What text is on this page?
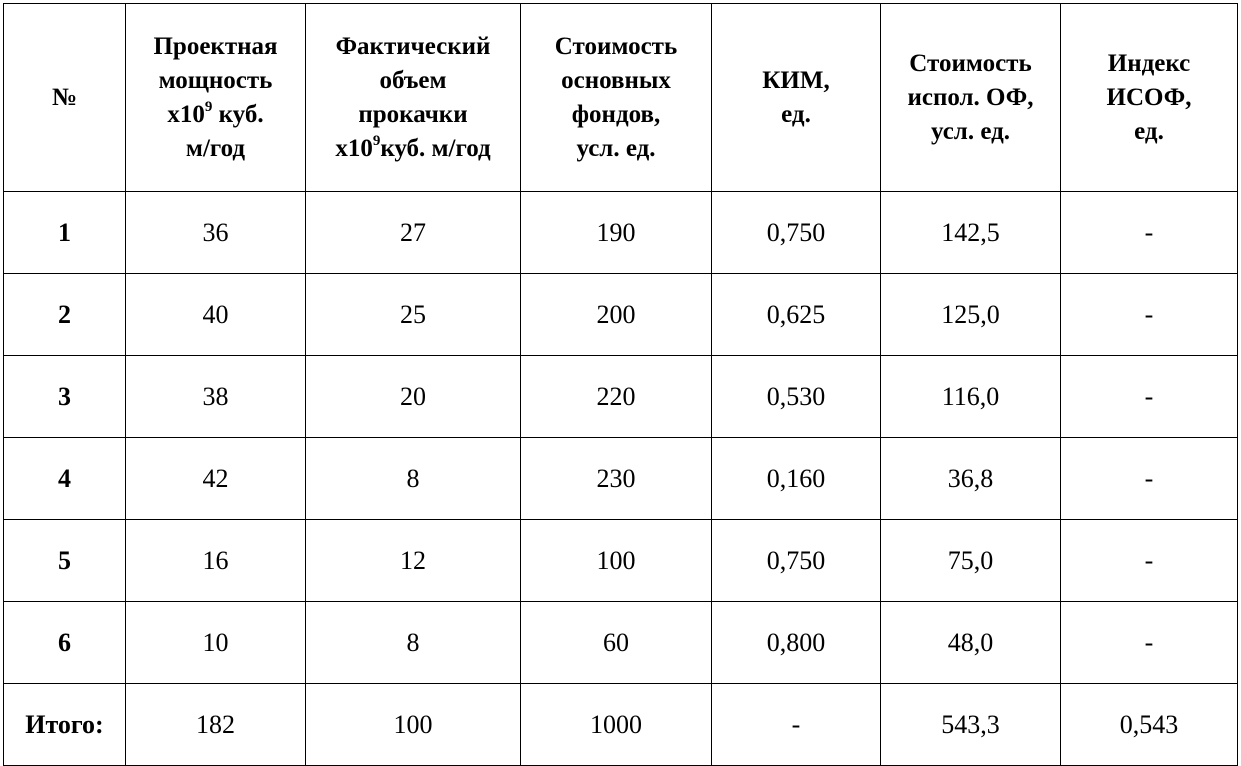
№	Проектная
мощность
$х10^9$ куб.
м/год	Фактический
объем
прокачки
$х10^9куб$. м/год	Стоимость
основных
фондов,
усл. ед.	КИМ,
ед.	Стоимость
испол. ОФ,
усл. ед.	Индекс
ИСОФ,
ед.

1	36	27	190	0,750	142,5	-
2	40	25	200	0,625	125,0	-
3	38	20	220	0,530	116,0	-
4	42	8	230	0,160	36,8	-
5	16	12	100	0,750	75,0	-
6	10	8	60	0,800	48,0	-
Итого:	182	100	1000	-	543,3	0,543
